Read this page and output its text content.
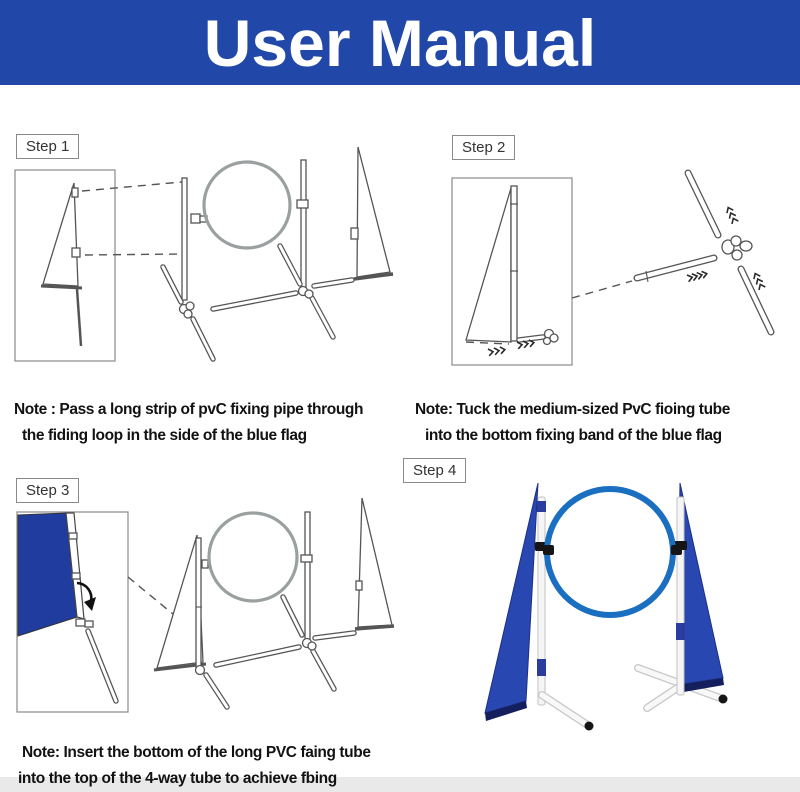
User Manual
Step 1

Note : Pass a long strip of pvC fixing pipe through
the fiding loop in the side of the blue flag

Step 2

Note: Tuck the medium-sized PvC fioing tube
into the bottom fixing band of the blue flag

Step 3

Note: Insert the bottom of the long PVC faing tube
into the top of the 4-way tube to achieve fbing

Step 4
